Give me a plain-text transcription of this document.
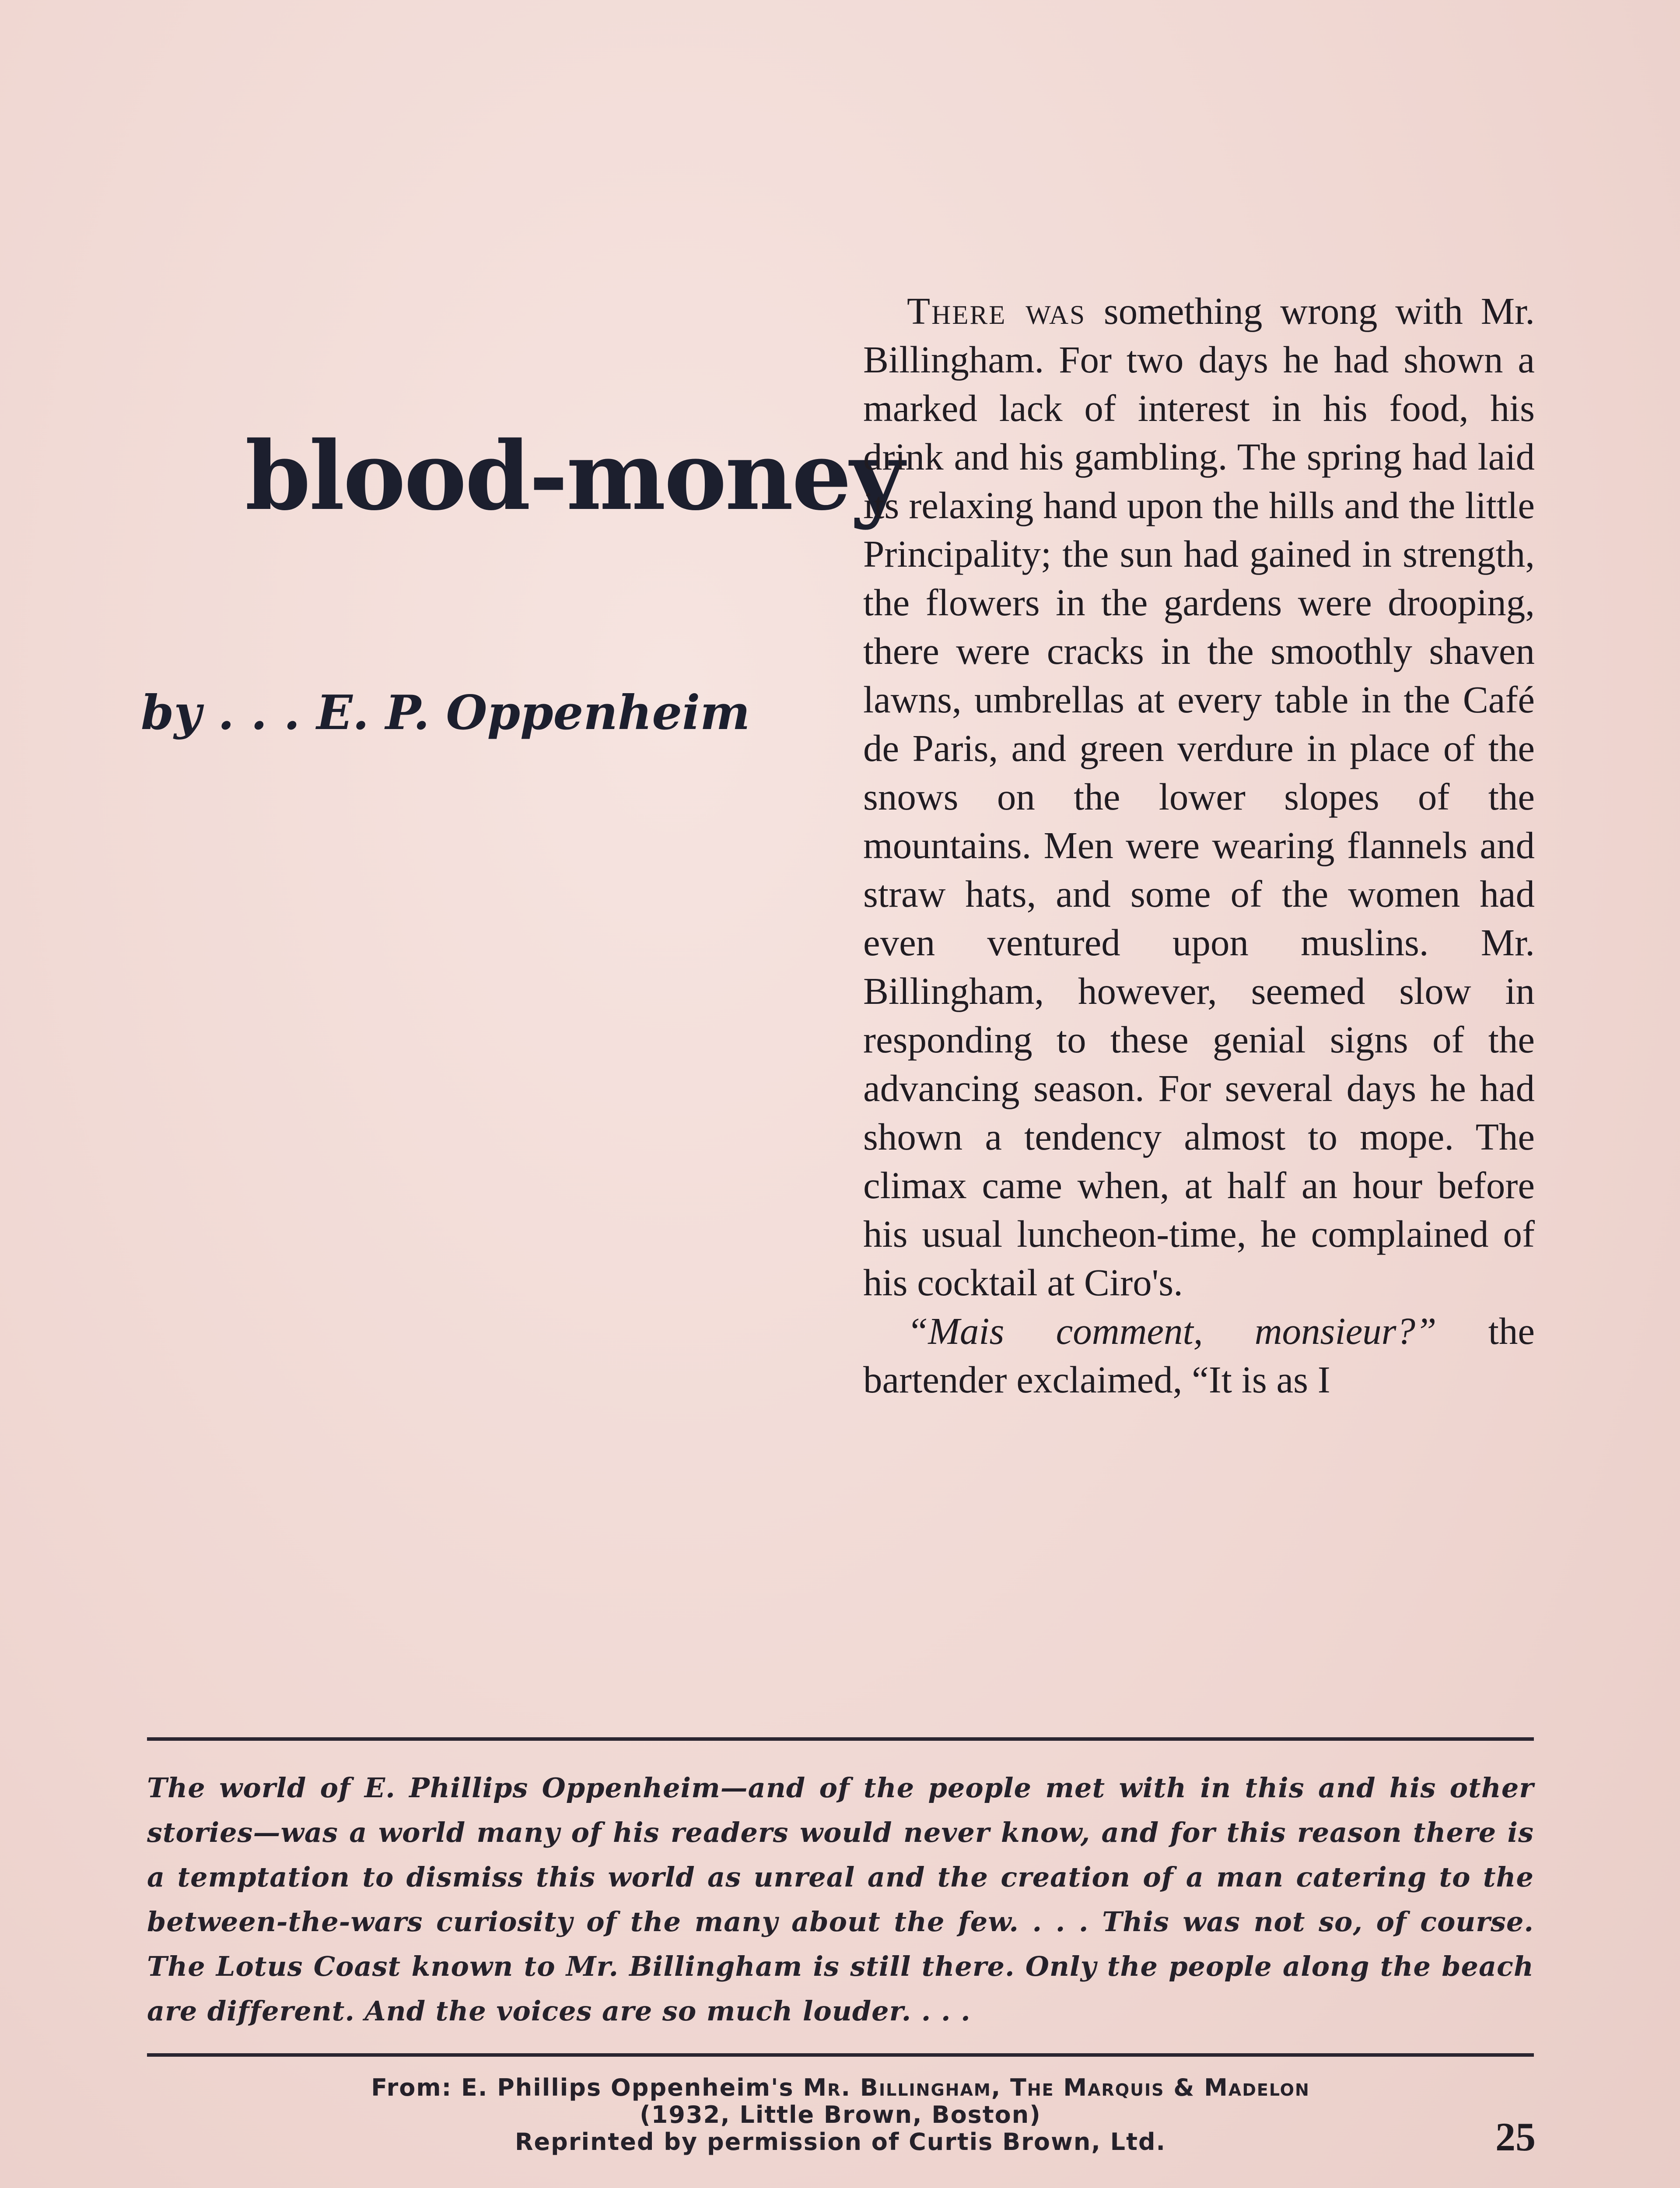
blood-money
by . . . E. P. Oppenheim

There was something wrong with Mr. Billingham. For two days he had shown a marked lack of interest in his food, his drink and his gambling. The spring had laid its relaxing hand upon the hills and the little Principality; the sun had gained in strength, the flowers in the gardens were drooping, there were cracks in the smoothly shaven lawns, umbrellas at every table in the Café de Paris, and green verdure in place of the snows on the lower slopes of the mountains. Men were wearing flannels and straw hats, and some of the women had even ventured upon muslins. Mr. Billingham, however, seemed slow in responding to these genial signs of the advancing season. For several days he had shown a tendency almost to mope. The climax came when, at half an hour before his usual luncheon-time, he complained of his cocktail at Ciro's.

“Mais comment, monsieur?” the bartender exclaimed, “It is as I

The world of E. Phillips Oppenheim—and of the people met with in this and his other stories—was a world many of his readers would never know, and for this reason there is a temptation to dismiss this world as unreal and the creation of a man catering to the between-the-wars curiosity of the many about the few. . . . This was not so, of course. The Lotus Coast known to Mr. Billingham is still there. Only the people along the beach are different. And the voices are so much louder. . . .
From: E. Phillips Oppenheim's Mr. Billingham, The Marquis & Madelon
(1932, Little Brown, Boston)
Reprinted by permission of Curtis Brown, Ltd.	25
